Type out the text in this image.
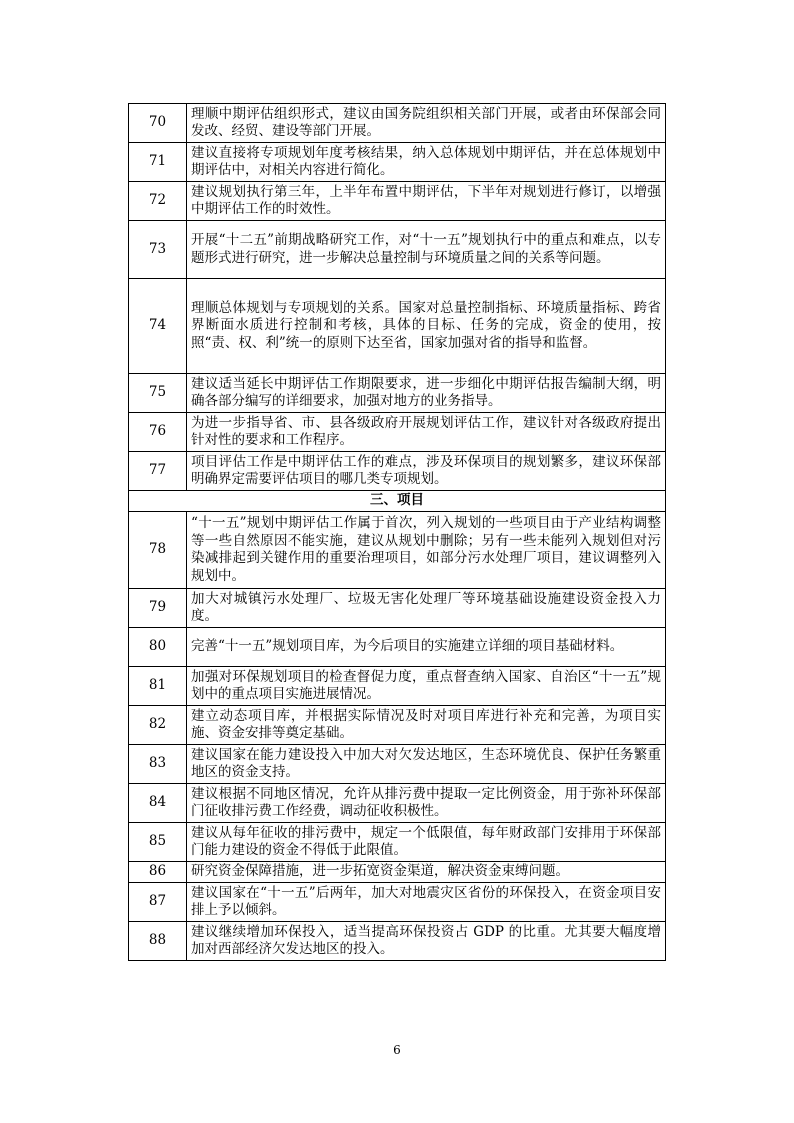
70	理顺中期评估组织形式，建议由国务院组织相关部门开展，或者由环保部会同发改、经贸、建设等部门开展。
71	建议直接将专项规划年度考核结果，纳入总体规划中期评估，并在总体规划中期评估中，对相关内容进行简化。
72	建议规划执行第三年，上半年布置中期评估，下半年对规划进行修订，以增强中期评估工作的时效性。
73	开展“十二五”前期战略研究工作，对“十一五”规划执行中的重点和难点，以专题形式进行研究，进一步解决总量控制与环境质量之间的关系等问题。
74	理顺总体规划与专项规划的关系。国家对总量控制指标、环境质量指标、跨省界断面水质进行控制和考核，具体的目标、任务的完成，资金的使用，按照“责、权、利”统一的原则下达至省，国家加强对省的指导和监督。
75	建议适当延长中期评估工作期限要求，进一步细化中期评估报告编制大纲，明确各部分编写的详细要求，加强对地方的业务指导。
76	为进一步指导省、市、县各级政府开展规划评估工作，建议针对各级政府提出针对性的要求和工作程序。
77	项目评估工作是中期评估工作的难点，涉及环保项目的规划繁多，建议环保部明确界定需要评估项目的哪几类专项规划。
三、项目	
78	“十一五”规划中期评估工作属于首次，列入规划的一些项目由于产业结构调整等一些自然原因不能实施，建议从规划中删除；另有一些未能列入规划但对污染减排起到关键作用的重要治理项目，如部分污水处理厂项目，建议调整列入规划中。
79	加大对城镇污水处理厂、垃圾无害化处理厂等环境基础设施建设资金投入力度。
80	完善“十一五”规划项目库，为今后项目的实施建立详细的项目基础材料。
81	加强对环保规划项目的检查督促力度，重点督查纳入国家、自治区“十一五”规划中的重点项目实施进展情况。
82	建立动态项目库，并根据实际情况及时对项目库进行补充和完善，为项目实施、资金安排等奠定基础。
83	建议国家在能力建设投入中加大对欠发达地区，生态环境优良、保护任务繁重地区的资金支持。
84	建议根据不同地区情况，允许从排污费中提取一定比例资金，用于弥补环保部门征收排污费工作经费，调动征收积极性。
85	建议从每年征收的排污费中，规定一个低限值，每年财政部门安排用于环保部门能力建设的资金不得低于此限值。
86	研究资金保障措施，进一步拓宽资金渠道，解决资金束缚问题。
87	建议国家在“十一五”后两年，加大对地震灾区省份的环保投入，在资金项目安排上予以倾斜。
88	建议继续增加环保投入，适当提高环保投资占 GDP 的比重。尤其要大幅度增加对西部经济欠发达地区的投入。
6
